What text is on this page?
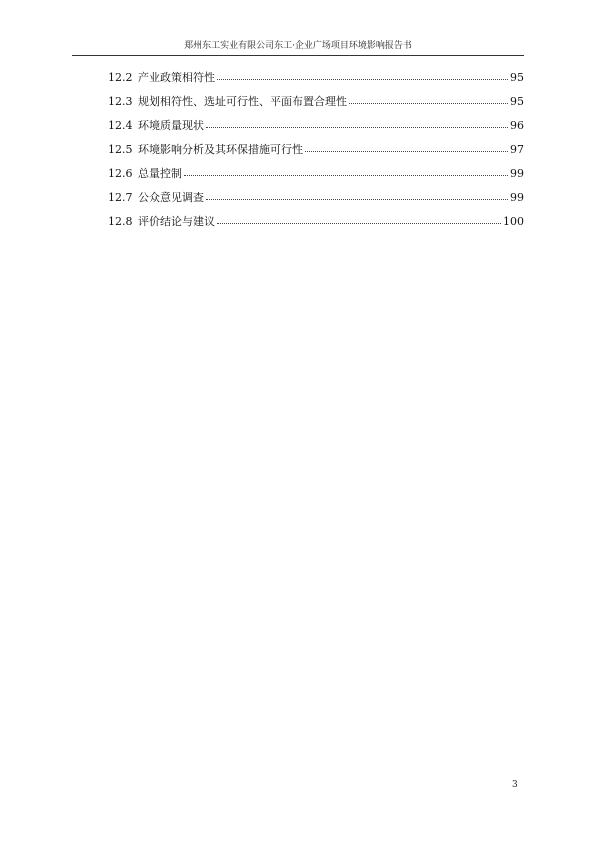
郑州东工实业有限公司东工·企业广场项目环境影响报告书
12.2 产业政策相符性	95
12.3 规划相符性、选址可行性、平面布置合理性	95
12.4 环境质量现状	96
12.5 环境影响分析及其环保措施可行性	97
12.6 总量控制	99
12.7 公众意见调查	99
12.8 评价结论与建议	100
3
